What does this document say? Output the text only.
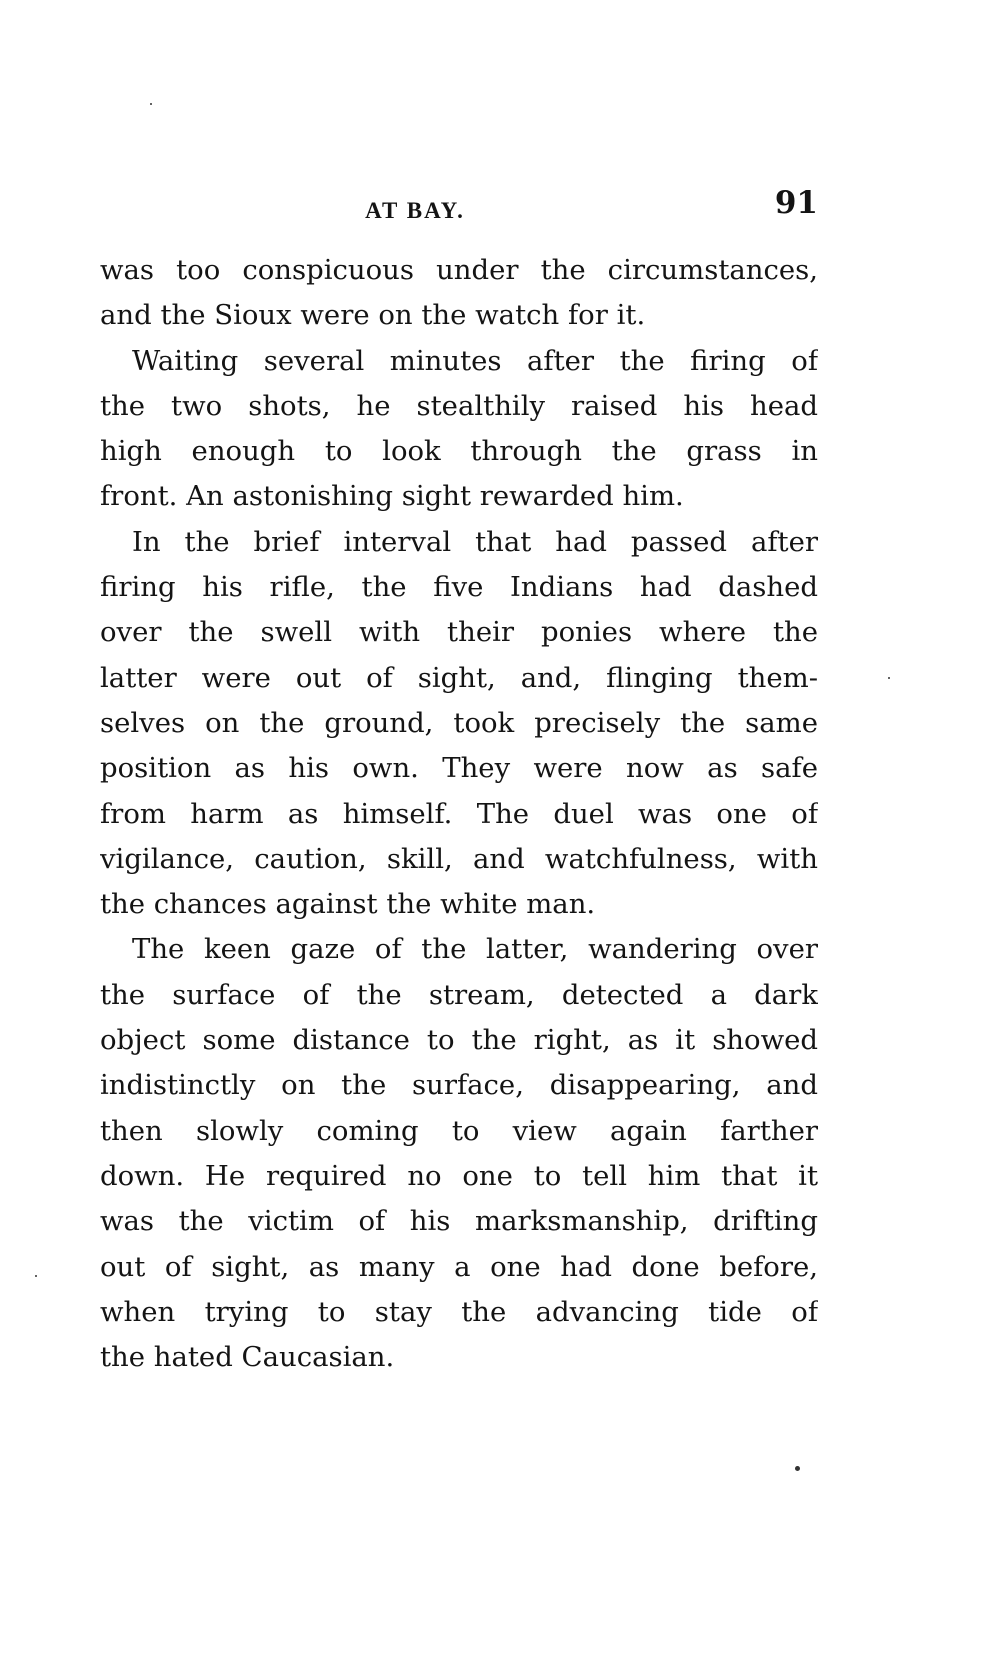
AT BAY.	91
was too conspicuous under the circumstances,
and the Sioux were on the watch for it.
Waiting several minutes after the firing of
the two shots, he stealthily raised his head
high enough to look through the grass in
front. An astonishing sight rewarded him.
In the brief interval that had passed after
firing his rifle, the five Indians had dashed
over the swell with their ponies where the
latter were out of sight, and, flinging them-
selves on the ground, took precisely the same
position as his own. They were now as safe
from harm as himself. The duel was one of
vigilance, caution, skill, and watchfulness, with
the chances against the white man.
The keen gaze of the latter, wandering over
the surface of the stream, detected a dark
object some distance to the right, as it showed
indistinctly on the surface, disappearing, and
then slowly coming to view again farther
down. He required no one to tell him that it
was the victim of his marksmanship, drifting
out of sight, as many a one had done before,
when trying to stay the advancing tide of
the hated Caucasian.
